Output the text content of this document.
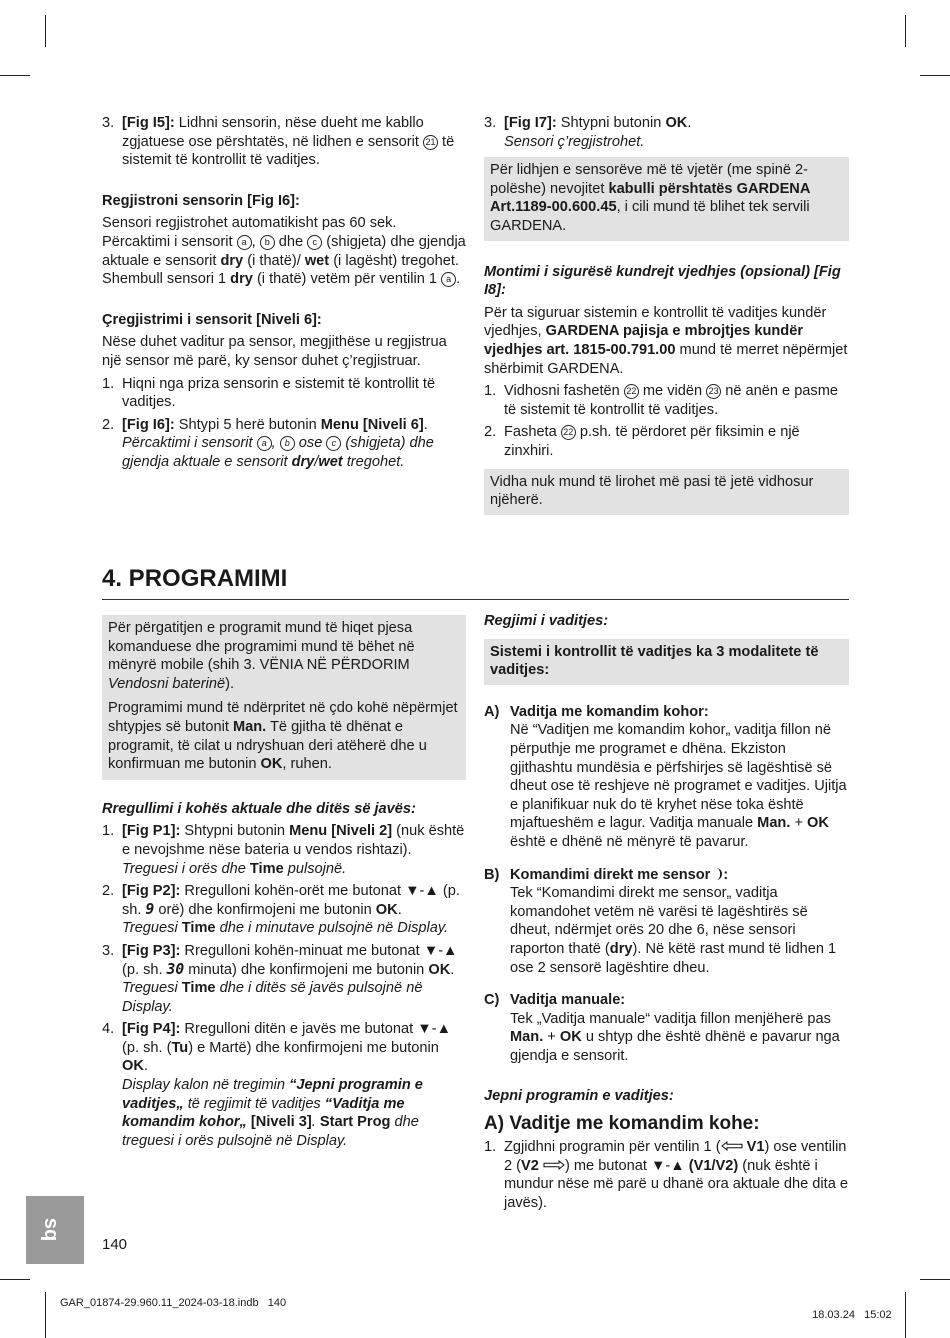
3. [Fig I5]: Lidhni sensorin, nëse dueht me kabllo zgjatuese ose përshtatës, në lidhen e sensorit 21 të sistemit të kontrollit të vaditjes.

Regjistroni sensorin [Fig I6]:

Sensori regjistrohet automatikisht pas 60 sek. Përcaktimi i sensorit a , b dhe c (shigjeta) dhe gjendja aktuale e sensorit dry (i thatë)/ wet (i lagësht) tregohet. Shembull sensori 1 dry (i thatë) vetëm për ventilin 1 a .

Çregjistrimi i sensorit [Niveli 6]:

Nëse duhet vaditur pa sensor, megjithëse u regjistrua një sensor më parë, ky sensor duhet ç’regjistruar.

1. Hiqni nga priza sensorin e sistemit të kontrollit të vaditjes.
2. [Fig I6]: Shtypi 5 herë butonin Menu [Niveli 6].
Përcaktimi i sensorit a , b ose c (shigjeta) dhe gjendja aktuale e sensorit dry/wet tregohet.
3. [Fig I7]: Shtypni butonin OK.
Sensori ç’regjistrohet.
Për lidhjen e sensorëve më të vjetër (me spinë 2-polëshe) nevojitet kabulli përshtatës GARDENA Art.1189-00.600.45, i cili mund të blihet tek servili GARDENA.

Montimi i sigurësë kundrejt vjedhjes (opsional) [Fig I8]:

Për ta siguruar sistemin e kontrollit të vaditjes kundër vjedhjes, GARDENA pajisja e mbrojtjes kundër vjedhjes art. 1815-00.791.00 mund të merret nëpërmjet shërbimit GARDENA.

1. Vidhosni fashetën 22 me vidën 23 në anën e pasme të sistemit të kontrollit të vaditjes.
2. Fasheta 22 p.sh. të përdoret për fiksimin e një zinxhiri.
Vidha nuk mund të lirohet më pasi të jetë vidhosur njëherë.
4. PROGRAMIMI
Për përgatitjen e programit mund të hiqet pjesa komanduese dhe programimi mund të bëhet në mënyrë mobile (shih 3. VËNIA NË PËRDORIM Vendosni baterinë).
Programimi mund të ndërpritet në çdo kohë nëpërmjet shtypjes së butonit Man. Të gjitha të dhënat e programit, të cilat u ndryshuan deri atëherë dhe u konfirmuan me butonin OK, ruhen.

Rregullimi i kohës aktuale dhe ditës së javës:

1. [Fig P1]: Shtypni butonin Menu [Niveli 2] (nuk është e nevojshme nëse bateria u vendos rishtazi).
Treguesi i orës dhe Time pulsojnë.
2. [Fig P2]: Rregulloni kohën-orët me butonat ▼-▲ (p. sh. 9 orë) dhe konfirmojeni me butonin OK.
Treguesi Time dhe i minutave pulsojnë në Display.
3. [Fig P3]: Rregulloni kohën-minuat me butonat ▼-▲ (p. sh. 30 minuta) dhe konfirmojeni me butonin OK.
Treguesi Time dhe i ditës së javës pulsojnë në Display.
4. [Fig P4]: Rregulloni ditën e javës me butonat ▼-▲ (p. sh. (Tu) e Martë) dhe konfirmojeni me butonin OK.
Display kalon në tregimin “Jepni programin e vaditjes„ të regjimit të vaditjes “Vaditja me komandim kohor„ [Niveli 3]. Start Prog dhe treguesi i orës pulsojnë në Display.

Regjimi i vaditjes:

Sistemi i kontrollit të vaditjes ka 3 modalitete të vaditjes:
A) Vaditja me komandim kohor:
Në “Vaditjen me komandim kohor„ vaditja fillon në përputhje me programet e dhëna. Ekziston gjithashtu mundësia e përfshirjes së lagështisë së dheut ose të reshjeve në programet e vaditjes. Ujitja e planifikuar nuk do të kryhet nëse toka është mjaftueshëm e lagur. Vaditja manuale Man. + OK është e dhënë në mënyrë të pavarur.
B) Komandimi direkt me sensor :
Tek “Komandimi direkt me sensor„ vaditja komandohet vetëm në varësi të lagështirës së dheut, ndërmjet orës 20 dhe 6, nëse sensori raporton thatë (dry). Në këtë rast mund të lidhen 1 ose 2 sensorë lagështire dheu.
C) Vaditja manuale:
Tek „Vaditja manuale“ vaditja fillon menjëherë pas Man. + OK u shtyp dhe është dhënë e pavarur nga gjendja e sensorit.

Jepni programin e vaditjes:

A) Vaditje me komandim kohe:
1. Zgjidhni programin për ventilin 1 ( V1) ose ventilin 2 (V2 ) me butonat ▼-▲ (V1/V2) (nuk është i mundur nëse më parë u dhanë ora aktuale dhe dita e javës).
sq
140
GAR_01874-29.960.11_2024-03-18.indb   140

18.03.24 15:02
